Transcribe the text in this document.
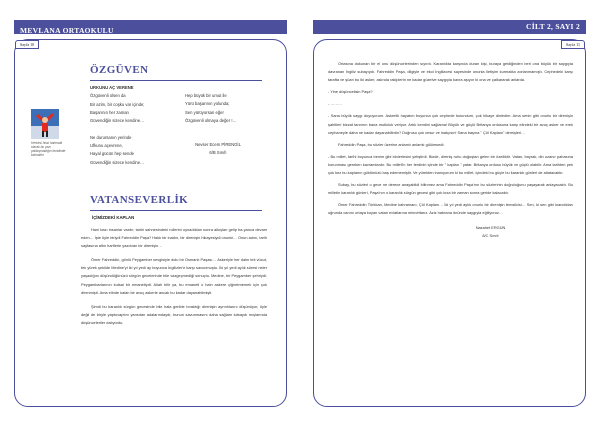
MEVLANA ORTAOKULU
Sayfa 10
ÖZGÜVEN
URKUNU AÇ VERENE
Özgüvenli olsen da
Bir azim, bir coşku var içinde;
Başarının her zaman
Güvendiğin sizece kendine…
Ne durursanın yerinde
Ufkunu açevrene,
Hayal gücün hep sende
Güvendiğin sizece kendine…
Hep büyük bir umut ile
Yürü başarının yolunda;
Sen yürüyorsan eğer
Özgüvenli olmaya değer !…
Nevser Ecem PİRENGİL
6/B Sınıfı
Herkesi hissi hahmatlı olarak bu yazı yaklaşmadığın kendinde kalmaktır
VATANSEVERLİK
İÇİMİZDEKİ KAPLAN

Hani bazı insanlar vardır, tarihi sahnesindeki rollerini oynadıktan sonra alkışları gelip ba-yanca devam eden… İşte öyle biriydi Fahreddin Paşa? Hakk bir inadın, bir direnişin hikayesiydi onunki… Onun adını, tarih sayfasına altın harflerle yazdıran bir direnişin…

Ömer Fahreddin, gönlü Peygamber sevgisiyle dolu bir Osmanlı Paşası… Askeriyle her daim tek vücut, tek yürek şekilde Medine'yi iki yıl yedi ay boyunca İngilizler'e karşı savunmuştu. İki yıl yedi aylık süresi neler yaşadığını düşündüğünüzü sürgün gecelerinde bile vazgeçmediği sonuçtu. Medine, bir Peygamber şehriydi. Peygambarlarının kutsal bir emanetiydi. Allah bilir ya, bu emaneti o hain askere çiğnetmemek için çok direnmişti. Ama elinde kalan bir avuç askerle ancak bu kadar dayanabilmişti.

Şimdi bu karanlık sürgün gecesinde bile hala gerilde bıraktığı direnişin ayrıntılarını düşünüyor, öyle değil de biryle yaptuvaptını yansıtan adalarındaydı; bunun savunmasını daha sağlam tutsaydı mışlarında düşünceleriler dalıyordu.

CİLT 2, SAYI 2
Sayfa 11

Ortasına dokunan bir el onu düşüncelerinden sıyırdı. Karanlıkta karşında duran kişi, buraya geldiğinden beri ona büyük bir saygıyla davranan İngiliz subayıydı. Fahreddin Paşa, dilgiyle ve ekoi İngilizcesi sayesinde onunla iletişim kurmakta zorlanmamıştı. Cephedeki karşı tarafta ve şüan bu iki asker, aslında rakiplerin ne kadar güzelve saygıyla kavra aşıyor ki ona ve çalkararak anlarda.

- Yine düşüncelisin Paşa?

- ………

- Sana büyük saygı duyuyorum. Askerlik hayatım boyunca çok cephede bulundum, çok hikaye dinledim. Ama senin gibi onurlu bir direnişin şahitleri bizzat tanrının bana mutluluk veriyor. Artık kendini sağlama! Büyük ve güçlü Britanya ordusuna karşı elindeki bir avuç asker ve erek cephaneyle daha ne kadar dayanabilirdin? Doğrusu çok cesur ve inatçısın! Sana başına " Çöl Kaplanı" demişlerl…

Fahreddin Paşa, bu sözler üzerine anlamlı anlamlı gülümsedi:

- Bu millet, tarihi boyunca benim gibi binlerlesini yetiştirdi. Bizde, direniş ruhu doğuştan gelen bir özelliktir. Vatan, bayrak, din uzanır pahasına korunması gereken kavramlardır. Bu millet'in her ferdinin içinde bir " kaplan " yatar. Britanya ordusu büyük ve güçlü olabilir. Ama tarihten pek çok kez bu kaplanın güldünüzü baş edememiştir. Ve yürekten inanıyorum ki bu millet, içindeki bu güçle bu karanlık günleri de atlatacaktır.

Subay, bu sözleri o gece ne derece anayabildi bilinmez ama Fahreddin Paşa'nın bu sözlerinin doğruluğunu yaşayarak anlayacaktı. Bu milletin karanlık günleri, Paşa'nın o karanlık sürgün gecesi gibi çok kısa bir zaman sonra geride kalacaktı.

Ömer Fahreddin Türkkan, Medine kahramanı, Çöl Kaplanı… İki yıl yedi aylık onurlu bir direnişin temsilcisi… Sen, ki sen gibi inandıkları uğrunda canını ortaya koyan vatan evlatlarına minnettarız. Aziz hatırana önünde saygıyla eğiliyoruz…

Nazahet ERGÜN
8/C Sınıfı
